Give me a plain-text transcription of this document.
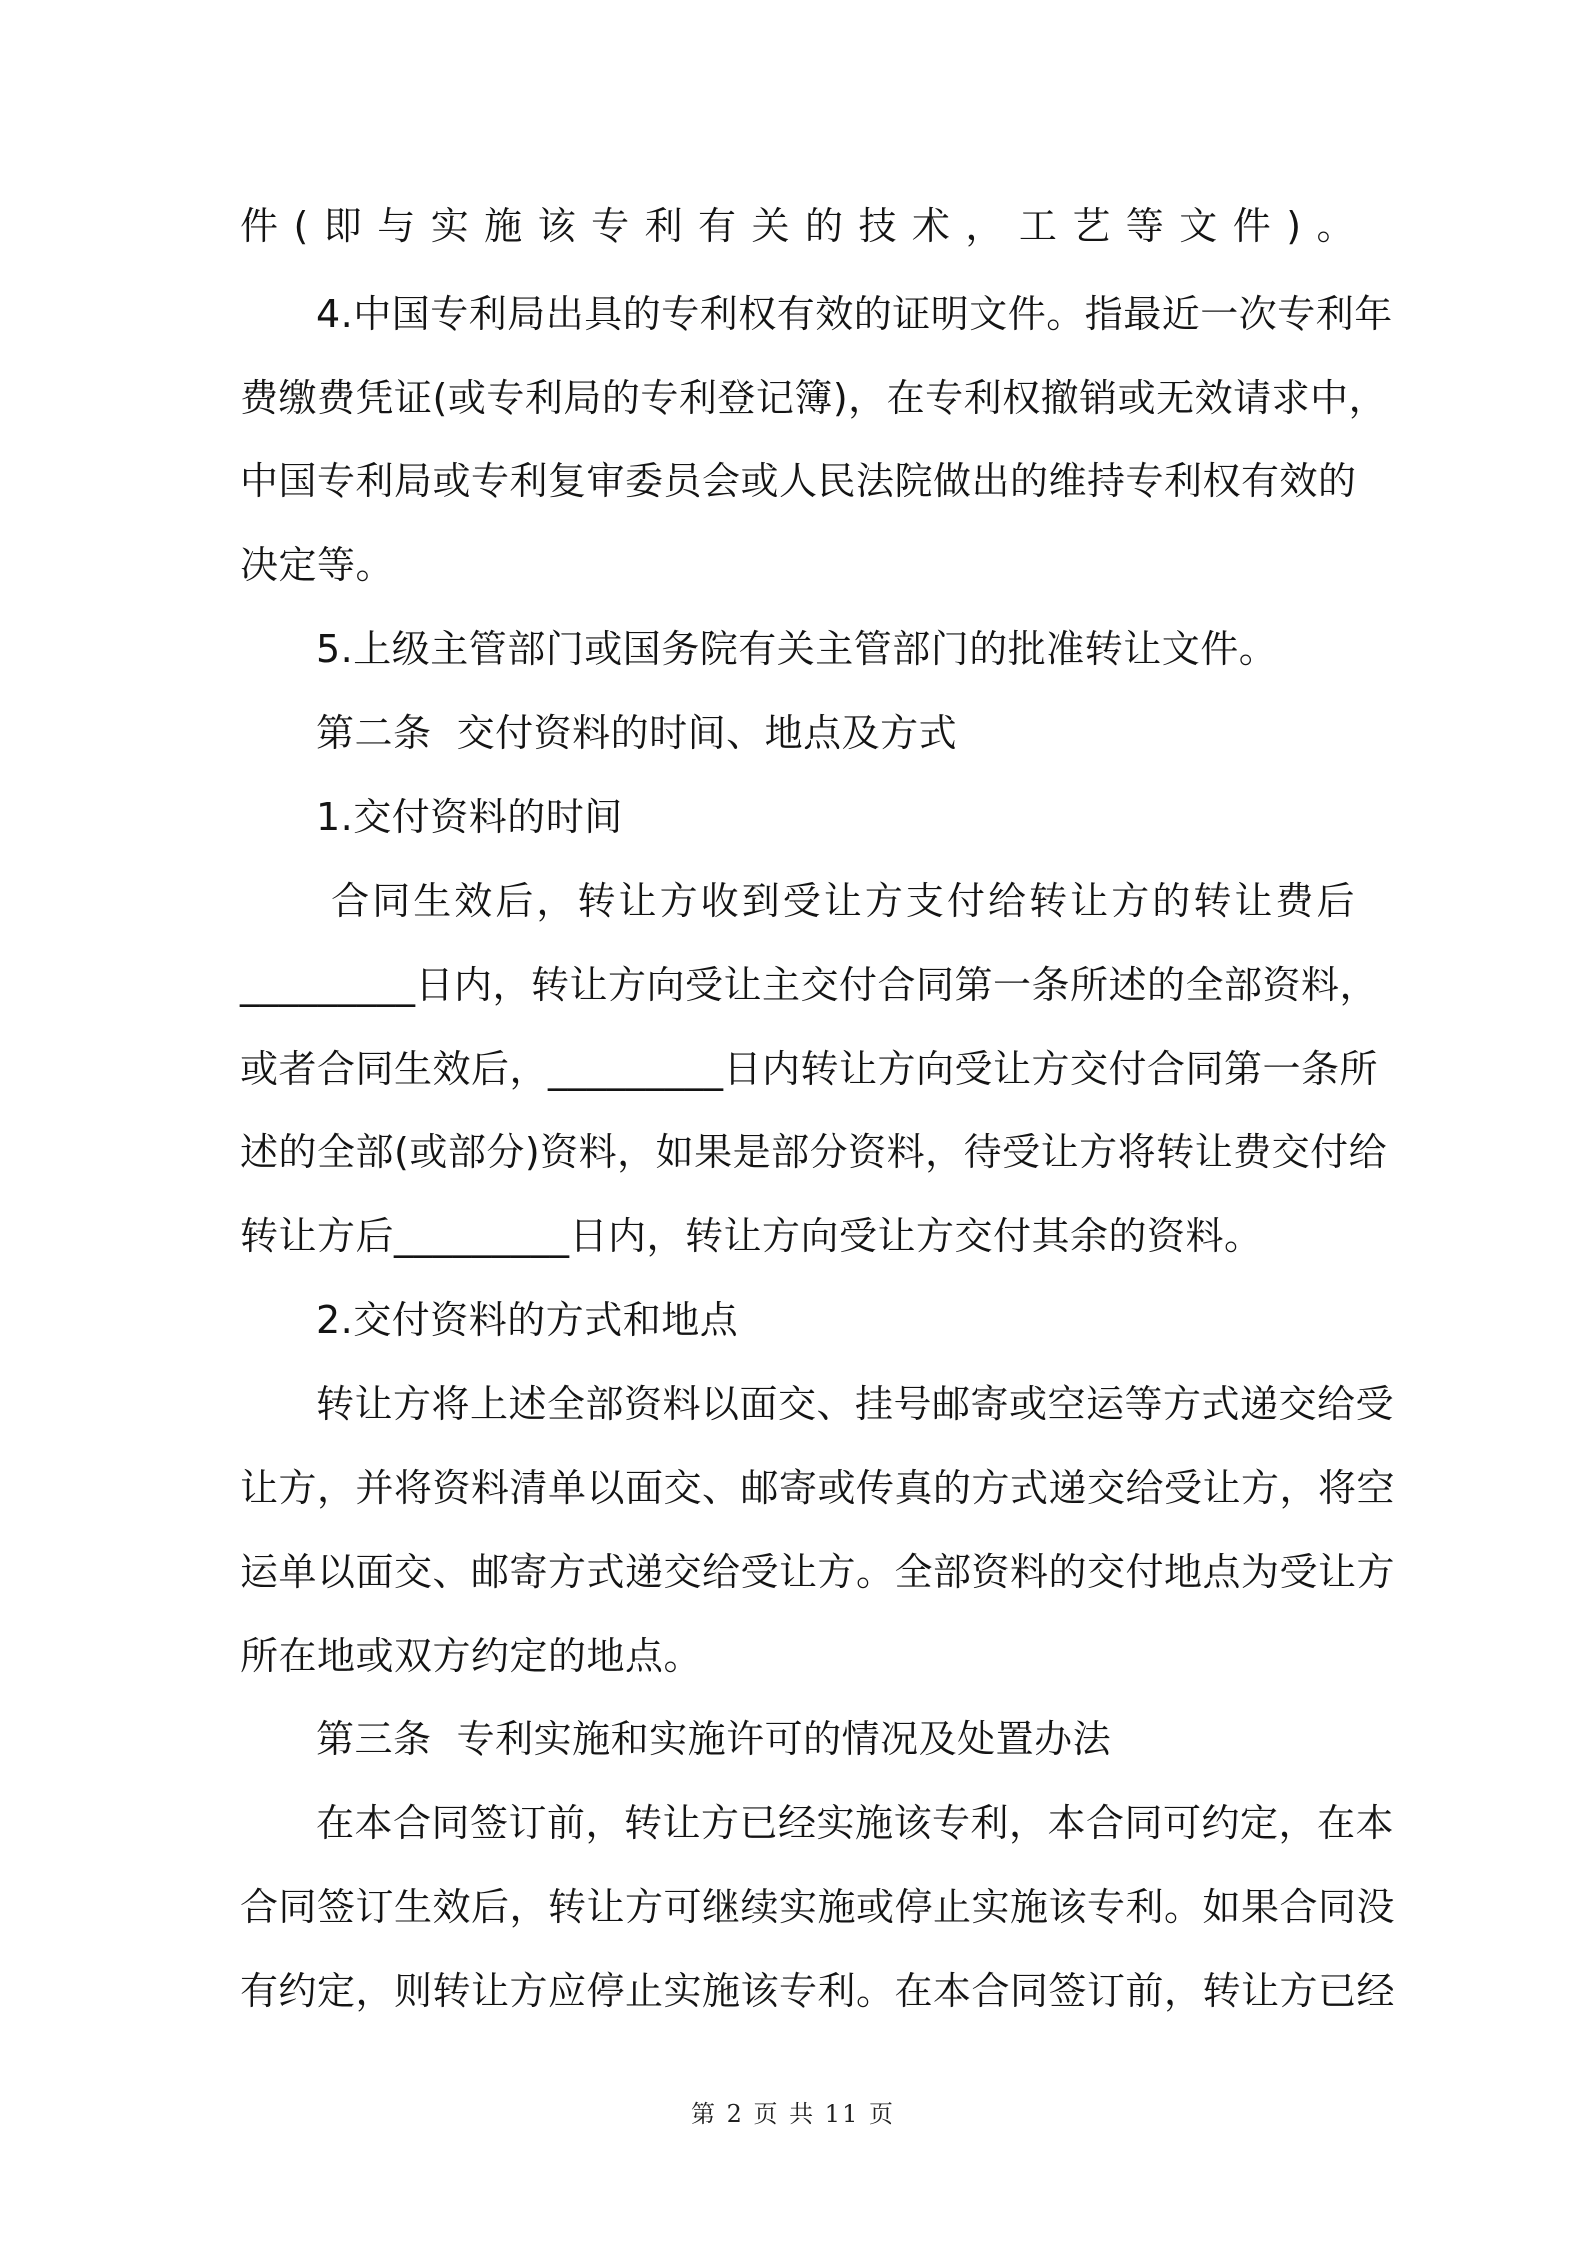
件(即与实施该专利有关的技术，工艺等文件)。
4.中国专利局出具的专利权有效的证明文件。指最近一次专利年
费缴费凭证(或专利局的专利登记簿)，在专利权撤销或无效请求中，
中国专利局或专利复审委员会或人民法院做出的维持专利权有效的
决定等。
5.上级主管部门或国务院有关主管部门的批准转让文件。
第二条  交付资料的时间、地点及方式
1.交付资料的时间
合同生效后，转让方收到受让方支付给转让方的转让费后
_________日内，转让方向受让主交付合同第一条所述的全部资料，
或者合同生效后，_________日内转让方向受让方交付合同第一条所
述的全部(或部分)资料，如果是部分资料，待受让方将转让费交付给
转让方后_________日内，转让方向受让方交付其余的资料。
2.交付资料的方式和地点
转让方将上述全部资料以面交、挂号邮寄或空运等方式递交给受
让方，并将资料清单以面交、邮寄或传真的方式递交给受让方，将空
运单以面交、邮寄方式递交给受让方。全部资料的交付地点为受让方
所在地或双方约定的地点。
第三条  专利实施和实施许可的情况及处置办法
在本合同签订前，转让方已经实施该专利，本合同可约定，在本
合同签订生效后，转让方可继续实施或停止实施该专利。如果合同没
有约定，则转让方应停止实施该专利。在本合同签订前，转让方已经
第 2 页 共 11 页
